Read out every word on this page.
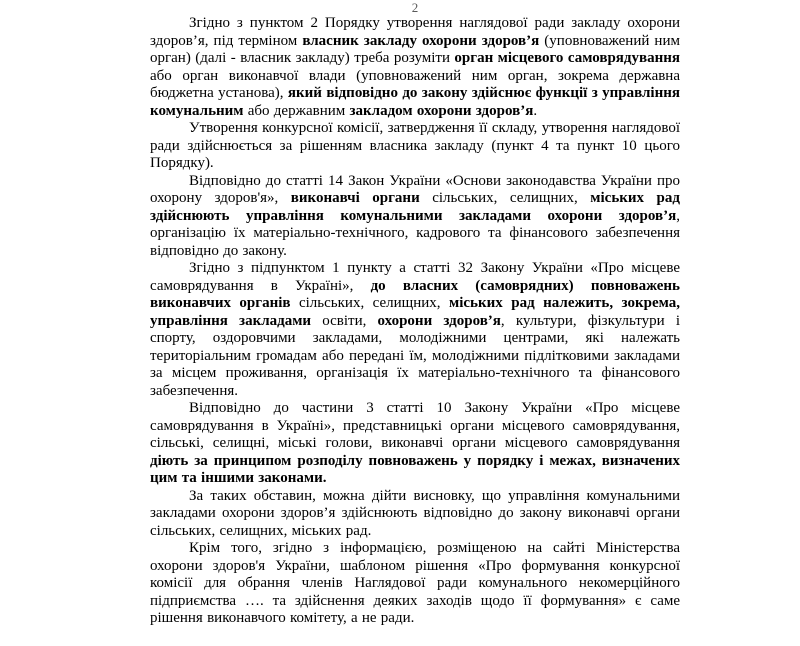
2

Згідно з пунктом 2 Порядку утворення наглядової ради закладу охорони здоров’я, під терміном власник закладу охорони здоров’я (уповноважений ним орган) (далі - власник закладу) треба розуміти орган місцевого самоврядування або орган виконавчої влади (уповноважений ним орган, зокрема державна бюджетна установа), який відповідно до закону здійснює функції з управління комунальним або державним закладом охорони здоров’я.

Утворення конкурсної комісії, затвердження її складу, утворення наглядової ради здійснюється за рішенням власника закладу (пункт 4 та пункт 10 цього Порядку).

Відповідно до статті 14 Закон України «Основи законодавства України про охорону здоров'я», виконавчі органи сільських, селищних, міських рад здійснюють управління комунальними закладами охорони здоров’я, організацію їх матеріально-технічного, кадрового та фінансового забезпечення відповідно до закону.

Згідно з підпунктом 1 пункту а статті 32 Закону України «Про місцеве самоврядування в Україні», до власних (самоврядних) повноважень виконавчих органів сільських, селищних, міських рад належить, зокрема, управління закладами освіти, охорони здоров’я, культури, фізкультури і спорту, оздоровчими закладами, молодіжними центрами, які належать територіальним громадам або передані їм, молодіжними підлітковими закладами за місцем проживання, організація їх матеріально-технічного та фінансового забезпечення.

Відповідно до частини 3 статті 10 Закону України «Про місцеве самоврядування в Україні», представницькі органи місцевого самоврядування, сільські, селищні, міські голови, виконавчі органи місцевого самоврядування діють за принципом розподілу повноважень у порядку і межах, визначених цим та іншими законами.

За таких обставин, можна дійти висновку, що управління комунальними закладами охорони здоров’я здійснюють відповідно до закону виконавчі органи сільських, селищних, міських рад.

Крім того, згідно з інформацією, розміщеною на сайті Міністерства охорони здоров'я України, шаблоном рішення «Про формування конкурсної комісії для обрання членів Наглядової ради комунального некомерційного підприємства …. та здійснення деяких заходів щодо її формування» є саме рішення виконавчого комітету, а не ради.
